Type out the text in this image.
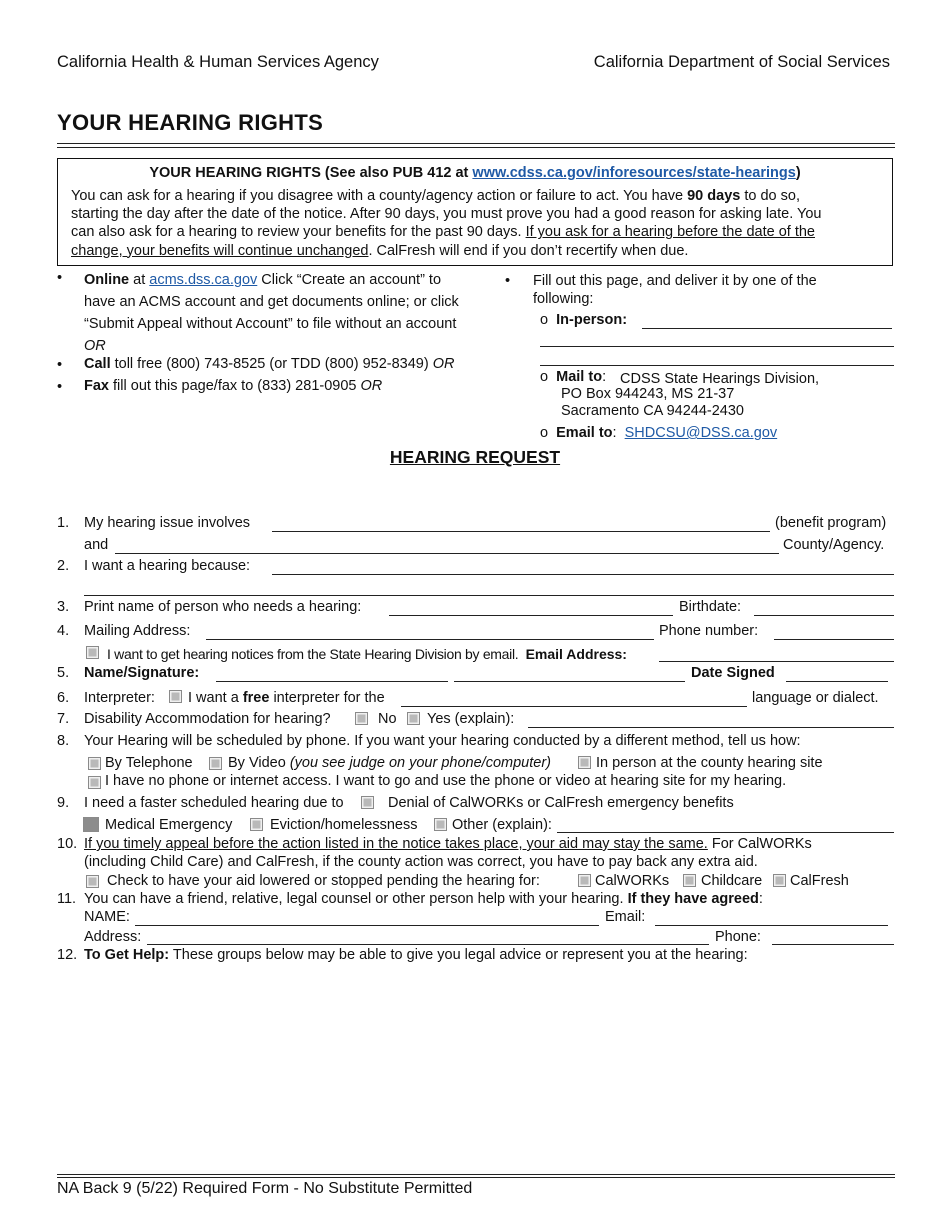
California Health & Human Services Agency	California Department of Social Services
YOUR HEARING RIGHTS
YOUR HEARING RIGHTS (See also PUB 412 at www.cdss.ca.gov/inforesources/state-hearings)
You can ask for a hearing if you disagree with a county/agency action or failure to act. You have 90 days to do so,
starting the day after the date of the notice. After 90 days, you must prove you had a good reason for asking late. You
can also ask for a hearing to review your benefits for the past 90 days. If you ask for a hearing before the date of the
change, your benefits will continue unchanged. CalFresh will end if you don’t recertify when due.
• Online at acms.dss.ca.gov Click “Create an account” to
have an ACMS account and get documents online; or click
“Submit Appeal without Account” to file without an account
OR
• Call toll free (800) 743-8525 (or TDD (800) 952-8349) OR
• Fax fill out this page/fax to (833) 281-0905 OR
• Fill out this page, and deliver it by one of the
following:
o In-person:
o Mail to: CDSS State Hearings Division,
PO Box 944243, MS 21-37
Sacramento CA 94244-2430
o Email to:  SHDCSU@DSS.ca.gov
HEARING REQUEST
1. My hearing issue involves	(benefit program)
and	County/Agency.
2. I want a hearing because:
3. Print name of person who needs a hearing:	Birthdate:
4. Mailing Address:	Phone number:
I want to get hearing notices from the State Hearing Division by email. Email Address:
5. Name/Signature:	Date Signed
6. Interpreter: I want a free interpreter for the	language or dialect.
7. Disability Accommodation for hearing?	No Yes (explain):
8. Your Hearing will be scheduled by phone. If you want your hearing conducted by a different method, tell us how:
By Telephone By Video (you see judge on your phone/computer)	In person at the county hearing site
I have no phone or internet access. I want to go and use the phone or video at hearing site for my hearing.
9. I need a faster scheduled hearing due to	Denial of CalWORKs or CalFresh emergency benefits
Medical Emergency	Eviction/homelessness Other (explain):
10. If you timely appeal before the action listed in the notice takes place, your aid may stay the same. For CalWORKs
(including Child Care) and CalFresh, if the county action was correct, you have to pay back any extra aid.
Check to have your aid lowered or stopped pending the hearing for:	CalWORKs Childcare CalFresh
11. You can have a friend, relative, legal counsel or other person help with your hearing. If they have agreed:
NAME:	Email:
Address:	Phone:
12. To Get Help: These groups below may be able to give you legal advice or represent you at the hearing:
NA Back 9 (5/22) Required Form - No Substitute Permitted
